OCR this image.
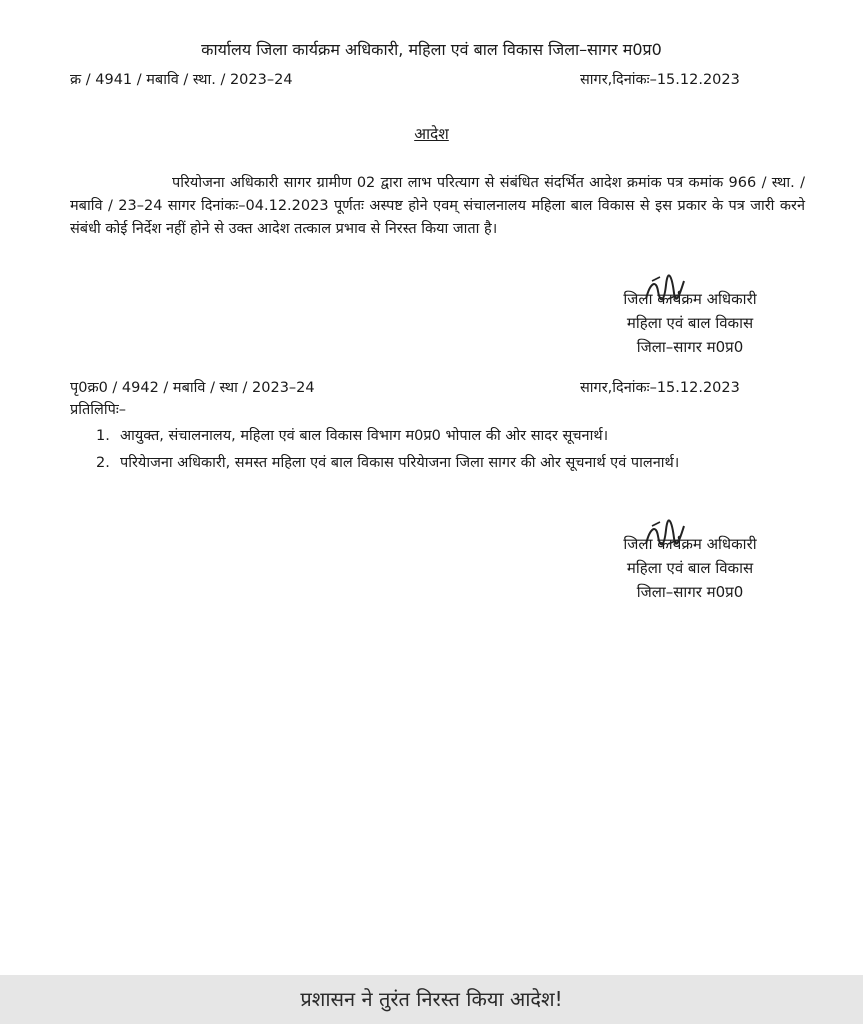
कार्यालय जिला कार्यक्रम अधिकारी, महिला एवं बाल विकास जिला–सागर म0प्र0
क्र / 4941 / मबावि / स्था. / 2023–24	सागर,दिनांकः–15.12.2023
आदेश
परियोजना अधिकारी सागर ग्रामीण 02 द्वारा लाभ परित्याग से संबंधित संदर्भित आदेश क्रमांक पत्र कमांक 966 / स्था. / मबावि / 23–24 सागर दिनांकः–04.12.2023 पूर्णतः अस्पष्ट होने एवम् संचालनालय महिला बाल विकास से इस प्रकार के पत्र जारी करने संबंधी कोई निर्देश नहीं होने से उक्त आदेश तत्काल प्रभाव से निरस्त किया जाता है।
जिला कार्यक्रम अधिकारी
महिला एवं बाल विकास
जिला–सागर म0प्र0
पृ0क्र0 / 4942 / मबावि / स्था / 2023–24	सागर,दिनांकः–15.12.2023
प्रतिलिपिः–
1. आयुक्त, संचालनालय, महिला एवं बाल विकास विभाग म0प्र0 भोपाल की ओर सादर सूचनार्थ।
2. परियेाजना अधिकारी, समस्त महिला एवं बाल विकास परियेाजना जिला सागर की ओर सूचनार्थ एवं पालनार्थ।
जिला कार्यक्रम अधिकारी
महिला एवं बाल विकास
जिला–सागर म0प्र0
प्रशासन ने तुरंत निरस्त किया आदेश!
